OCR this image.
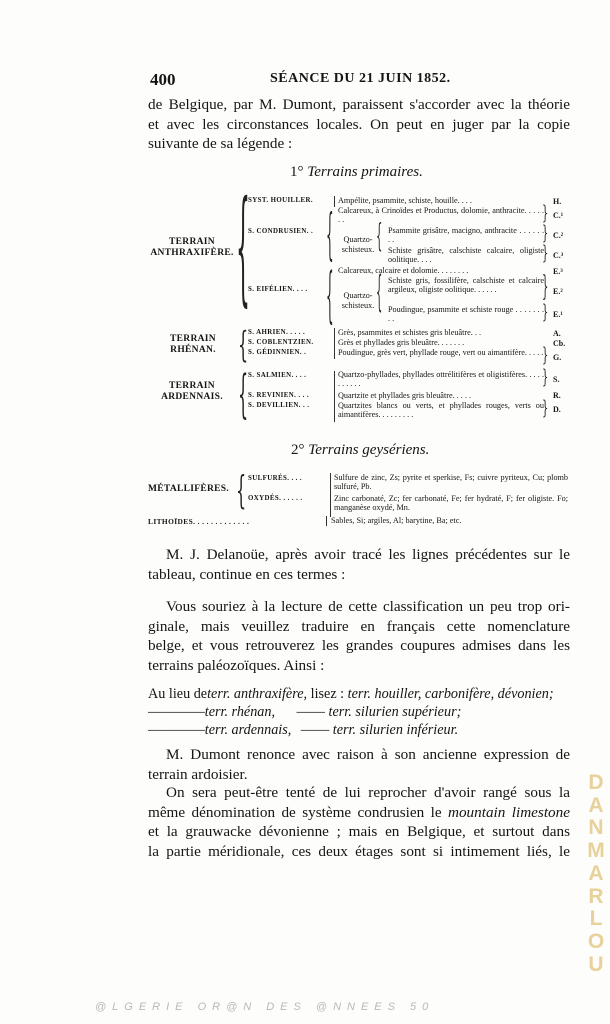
400	SÉANCE DU 21 JUIN 1852.
de Belgique, par M. Dumont, paraissent s'accorder avec la théorie
et avec les circonstances locales. On peut en juger par la copie
suivante de sa légende :
1° Terrains primaires.
TERRAIN
ANTHRAXIFÈRE.
TERRAIN
RHÉNAN.
TERRAIN
ARDENNAIS.
{
{
{
SYST. HOUILLER.
S. CONDRUSIEN. .
S. EIFÉLIEN. . . .
S. AHRIEN. . . . .
S. COBLENTZIEN.
S. GÉDINNIEN. .
S. SALMIEN. . . .
S. REVINIEN. . . .
S. DEVILLIEN. . .
{
{
{
{
Quartzo-
schisteux.
Quartzo-
schisteux.
Ampélite, psammite, schiste, houille. . . .
Calcareux, à Crinoïdes et Productus, dolomie, anthracite. . . . . . .
Psammite grisâtre, macigno, anthracite . . . . . . . .
Schiste grisâtre, calschiste calcaire, oligiste oolitique. . . .
Calcareux, calcaire et dolomie. . . . . . . .
Schiste gris, fossilifère, calschiste et calcaire argileux, oligiste oolitique. . . . . .
Poudingue, psammite et schiste rouge . . . . . . . . .
Grès, psammites et schistes gris bleuâtre. . .
Grès et phyllades gris bleuâtre. . . . . . .
Poudingue, grès vert, phyllade rouge, vert ou aimantifère. . . . .
Quartzo-phyllades, phyllades ottrélitifères et oligistifères. . . . . . . . . . .
Quartzite et phyllades gris bleuâtre. . . . .
Quartzites blancs ou verts, et phyllades rouges, verts ou aimantifères. . . . . . . . .
}
}
}
}
}
}
}
}
H.
C.¹
C.²
C.³
E.³
E.²
E.¹
A.
Cb.
G.
S.
R.
D.
2° Terrains geysériens.
MÉTALLIFÈRES. { SULFURÉS. . . .
OXYDÉS. . . . . .
Sulfure de zinc, Zs; pyrite et sperkise, Fs; cuivre pyriteux, Cu; plomb sulfuré, Pb.
Zinc carbonaté, Zc; fer carbonaté, Fe; fer hydraté, F; fer oligiste. Fo; manganèse oxydé, Mn.
LITHOÏDES. . . . . . . . . . . . .	Sables, Si; argiles, Al; barytine, Ba; etc.
M. J. Delanoüe, après avoir tracé les lignes précédentes sur le
tableau, continue en ces termes :
Vous souriez à la lecture de cette classification un peu trop ori-
ginale, mais veuillez traduire en français cette nomenclature
belge, et vous retrouverez les grandes coupures admises dans les
terrains paléozoïques. Ainsi :
Au lieu deterr. anthraxifère, lisez : terr. houiller, carbonifère, dévonien;
————terr. rhénan, —— terr. silurien supérieur;
————terr. ardennais, —— terr. silurien inférieur.
M. Dumont renonce avec raison à son ancienne expression de
terrain ardoisier.
On sera peut-être tenté de lui reprocher d'avoir rangé sous la
même dénomination de système condrusien le mountain limestone
et la grauwacke dévonienne ; mais en Belgique, et surtout dans
la partie méridionale, ces deux étages sont si intimement liés, le
D
A
N
M
A
R
L
O
U
@LGERIE OR@N DES @NNEES 50
